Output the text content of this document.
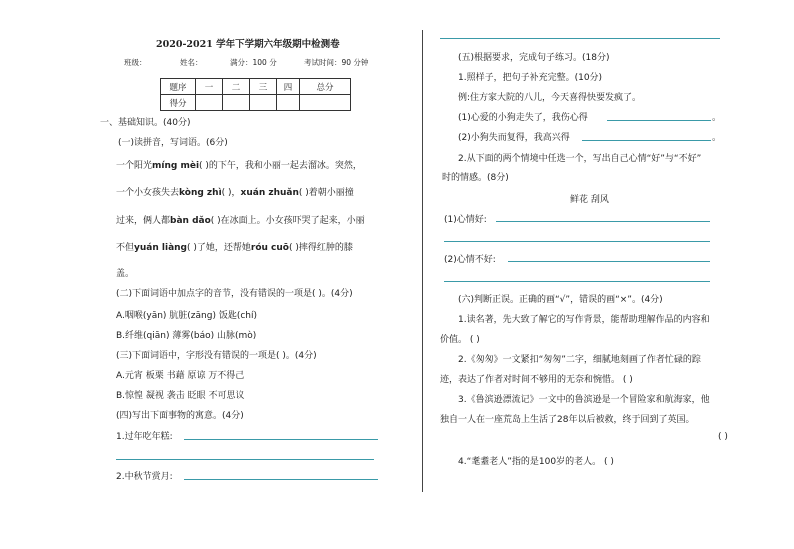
2020-2021 学年下学期六年级期中检测卷
班级：	姓名：	满分：100 分	考试时间：90 分钟
题序	一	二	三	四	总分
得分					
一、基础知识。(40分)
(一)读拼音，写词语。(6分)
一个阳光míng mèi( )的下午，我和小丽一起去溜冰。突然，
一个小女孩失去kòng zhì( )，xuán zhuǎn( )着朝小丽撞
过来，俩人都bàn dǎo( )在冰面上。小女孩吓哭了起来，小丽
不但yuán liàng( )了她，还帮她róu cuō( )摔得红肿的膝
盖。
(二)下面词语中加点字的音节，没有错误的一项是( )。(4分)
A.咽喉(yān) 肮脏(zāng) 饭匙(chí)
B.纤维(qiān) 薄雾(báo) 山脉(mò)
(三)下面词语中，字形没有错误的一项是( )。(4分)
A.元宵 板栗 书藉 原谅 万不得己
B.惊惶 凝视 袭击 眨眼 不可思议
(四)写出下面事物的寓意。(4分)
1.过年吃年糕:
2.中秋节赏月:
(五)根据要求，完成句子练习。(18分)
1.照样子，把句子补充完整。(10分)
例:住方家大院的八儿，今天喜得快要发疯了。
(1)心爱的小狗走失了，我伤心得	。
(2)小狗失而复得，我高兴得	。
2.从下面的两个情境中任选一个，写出自己心情“好”与“不好”
时的情感。(8分)
鲜花 刮风
(1)心情好:
(2)心情不好:
(六)判断正误。正确的画“√”，错误的画“×”。(4分)
1.读名著，先大致了解它的写作背景，能帮助理解作品的内容和
价值。 ( )
2.《匆匆》一文紧扣“匆匆”二字，细腻地刻画了作者忙碌的踪
迹，表达了作者对时间不够用的无奈和惋惜。 ( )
3.《鲁滨逊漂流记》一文中的鲁滨逊是一个冒险家和航海家，他
独自一人在一座荒岛上生活了28年以后被救，终于回到了英国。
( )
4.“耄耋老人”指的是100岁的老人。 ( )
